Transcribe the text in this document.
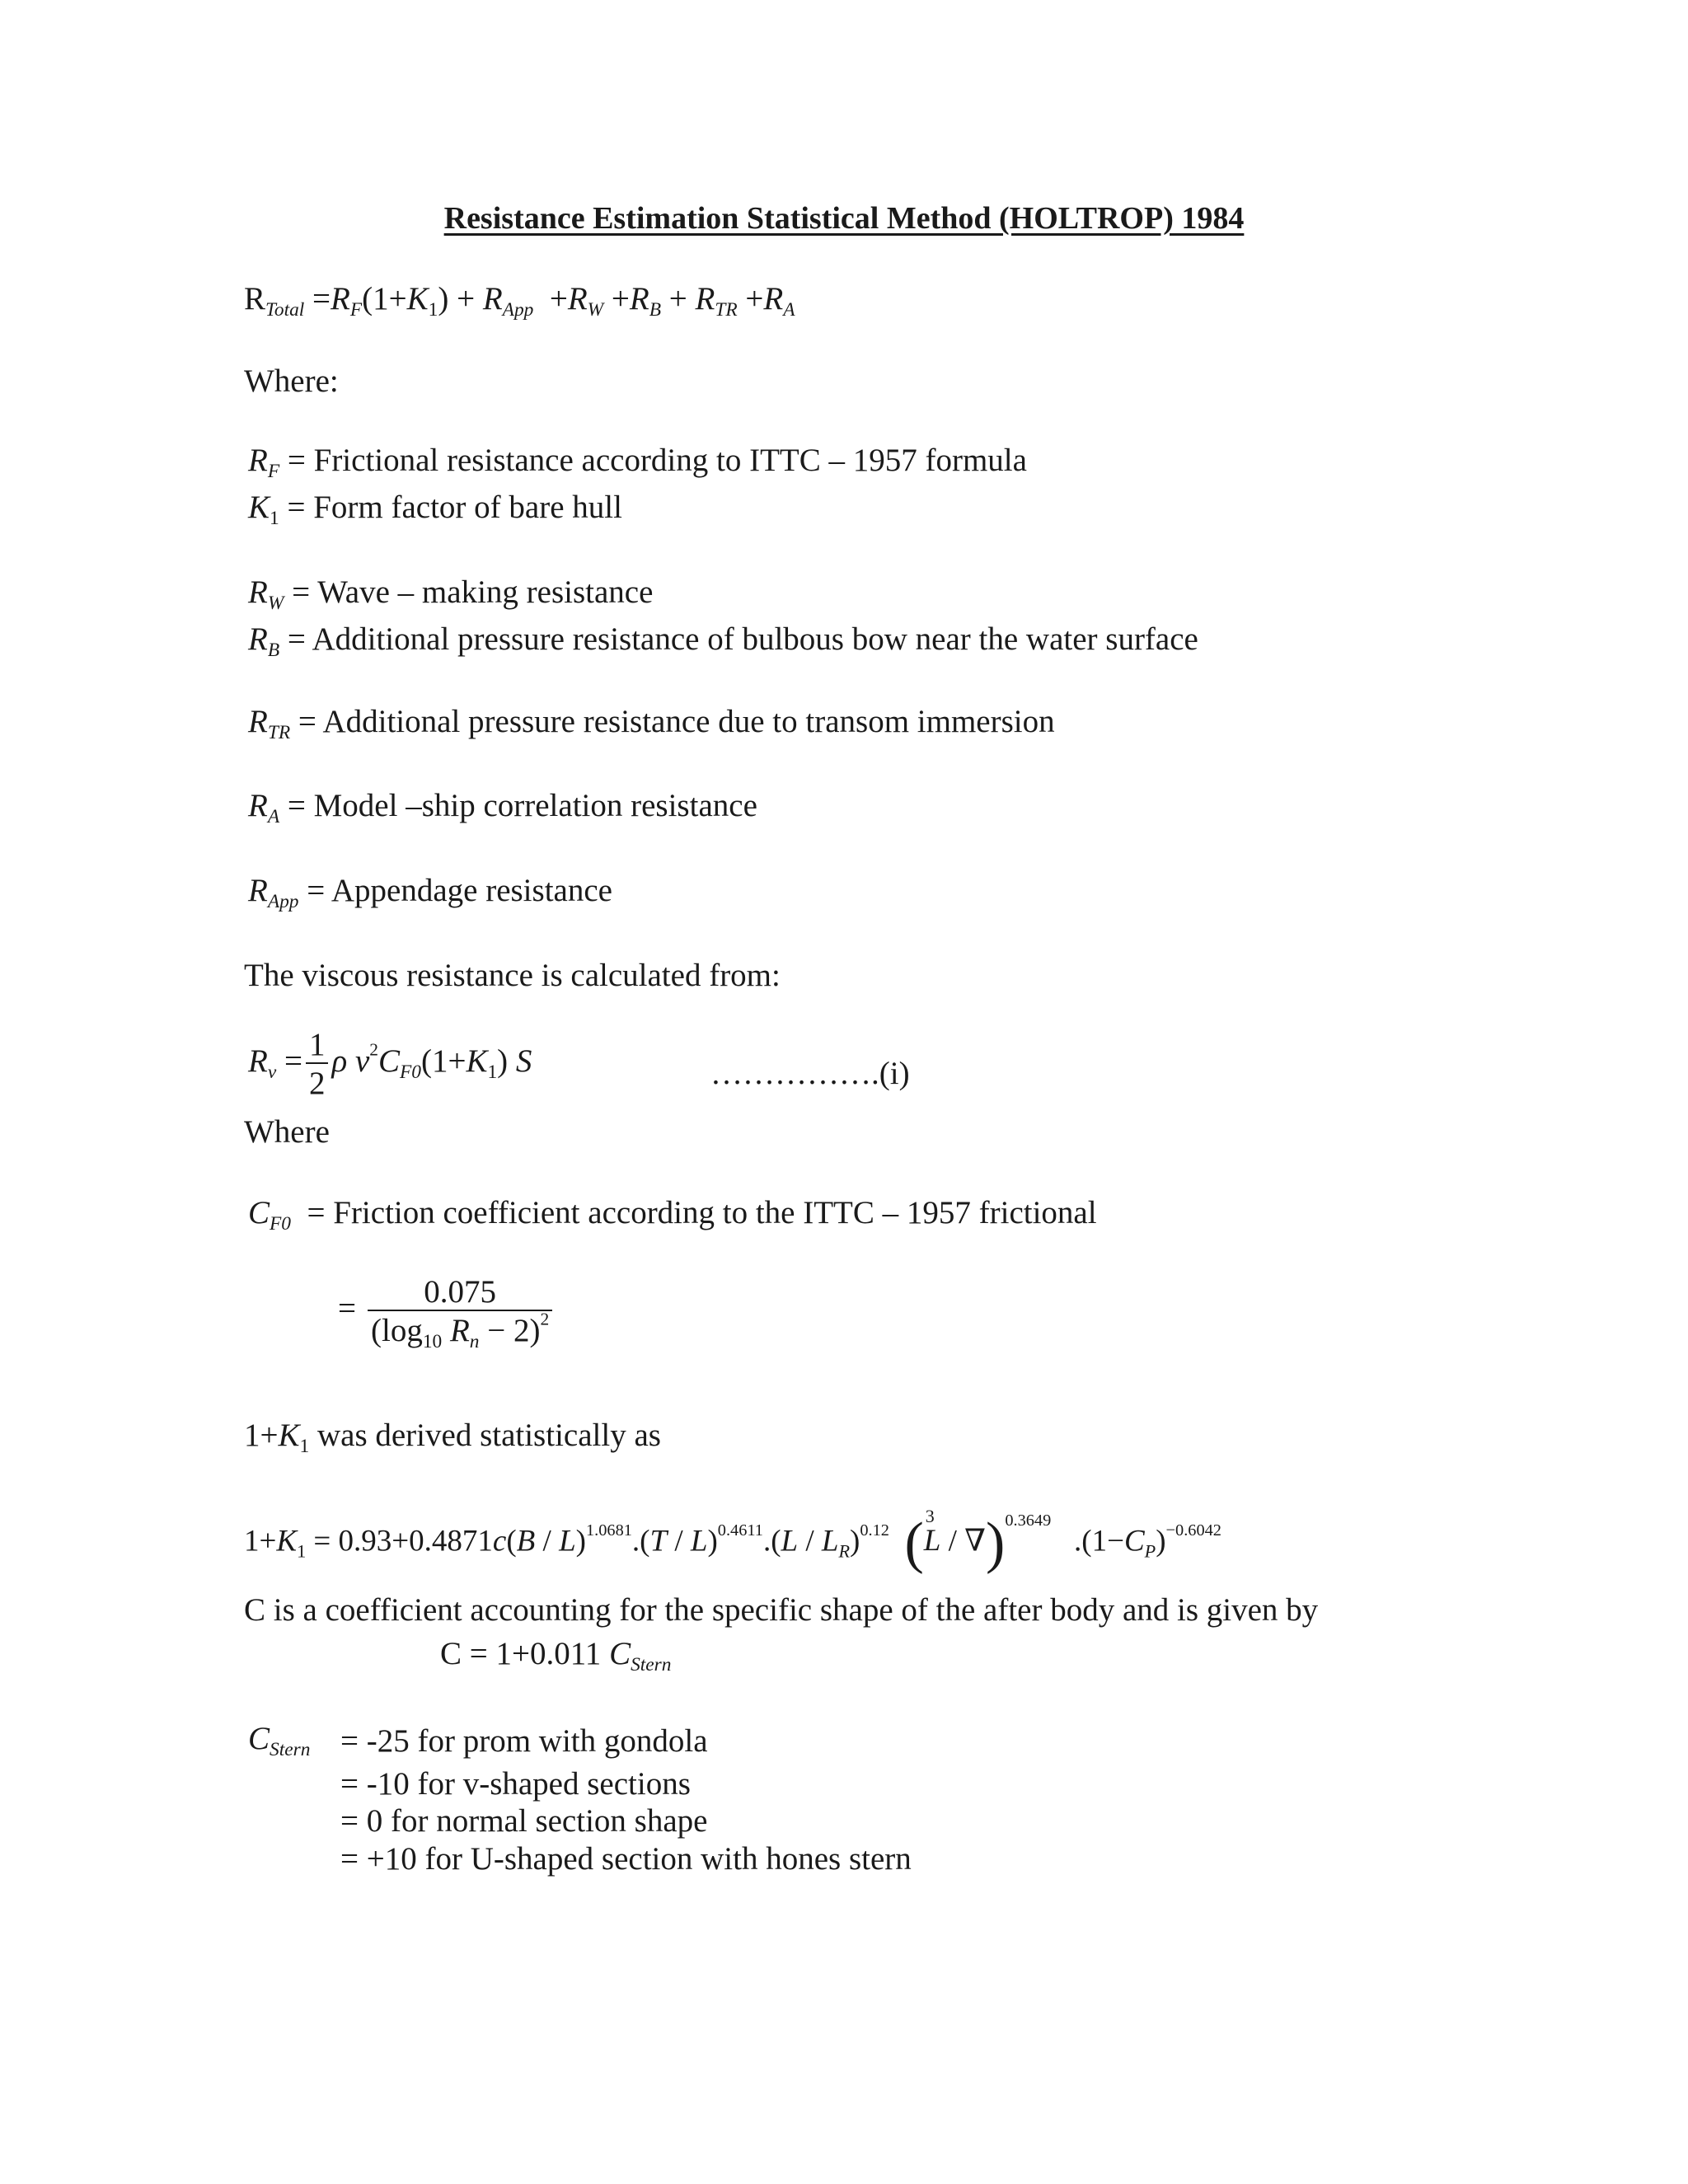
Resistance Estimation Statistical Method (HOLTROP) 1984
$R_{Total} =R_F(1+K_1) + R_{App} +R_W +R_B + R_{TR} +R_A$
Where:
$R_F$ = Frictional resistance according to ITTC – 1957 formula
$K_1$ = Form factor of bare hull
$R_W$ = Wave – making resistance
$R_B$ = Additional pressure resistance of bulbous bow near the water surface
$R_{TR}$ = Additional pressure resistance due to transom immersion
$R_A$ = Model –ship correlation resistance
$R_{App}$ = Appendage resistance
The viscous resistance is calculated from:
$R_v = \frac{1}{2}$ ρ $v^2C_{F0}(1+K_1)$ S	…………….(i)
Where
$C_{F0}$  = Friction coefficient according to the ITTC – 1957 frictional
= $\frac{0.075}{(\log_{10} R_n - 2)^2}$
$1+K_1$ was derived statistically as
$1+K_1 = 0.93+0.4871c(B / L)^{1.0681}.(T / L)^{0.4611}.(L / L_R)^{0.12}$ ( 3
L / ∇)$^{0.3649}$   $.(1-C_P)^{-0.6042}$
C is a coefficient accounting for the specific shape of the after body and is given by
C = 1+0.011 $C_{Stern}$
$C_{Stern} = -25$ for prom with gondola
= -10 for v-shaped sections
= 0 for normal section shape
= +10 for U-shaped section with hones stern
